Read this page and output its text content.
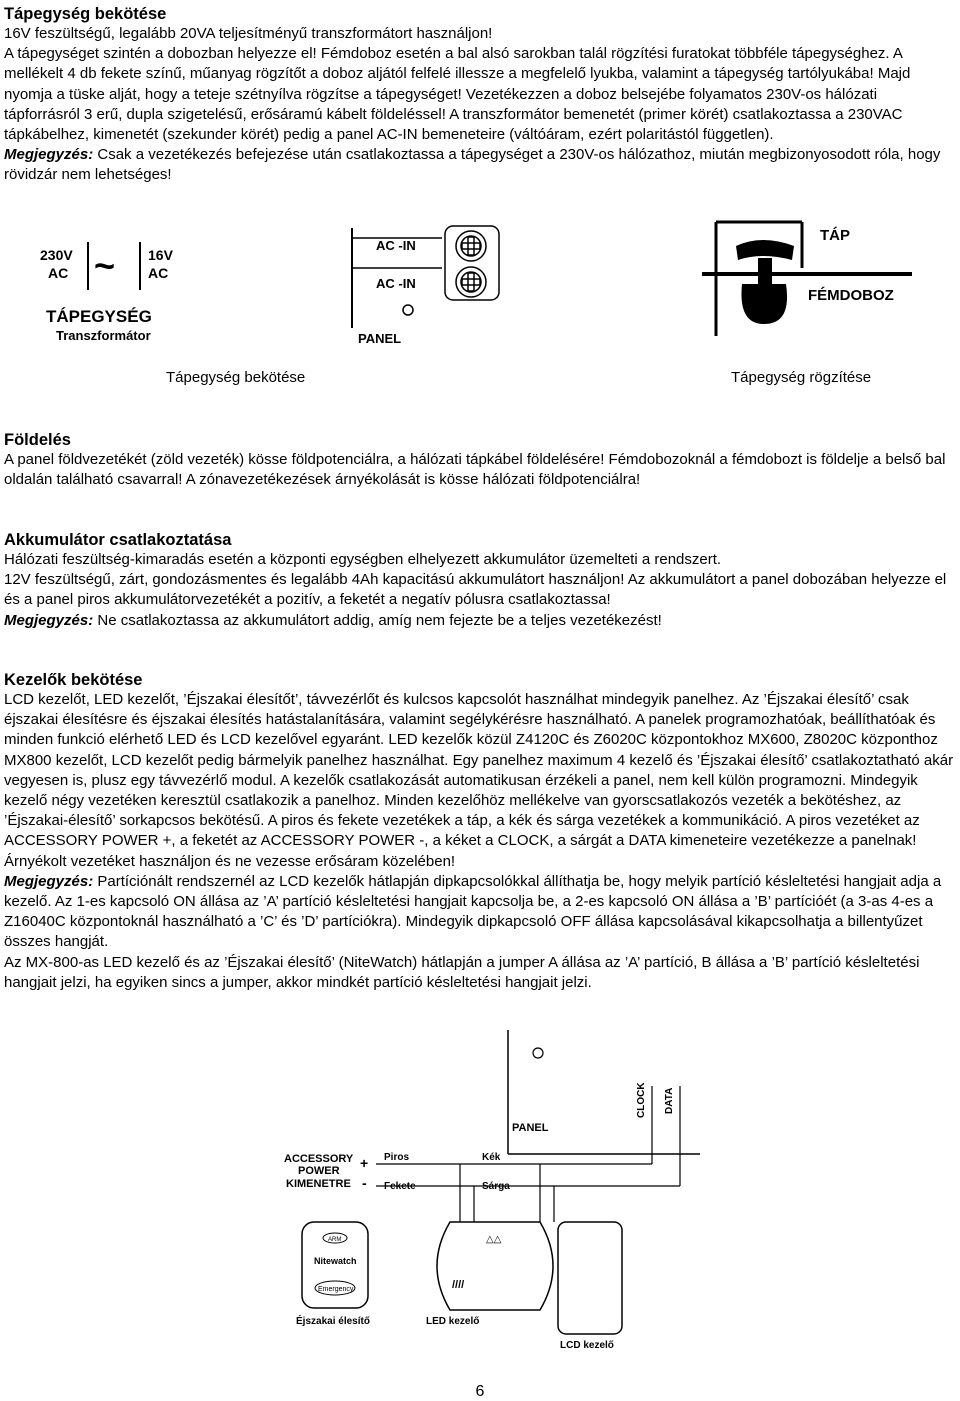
Tápegység bekötése

16V feszültségű, legalább 20VA teljesítményű transzformátort használjon!

A tápegységet szintén a dobozban helyezze el! Fémdoboz esetén a bal alsó sarokban talál rögzítési furatokat többféle tápegységhez. A mellékelt 4 db fekete színű, műanyag rögzítőt a doboz aljától felfelé illessze a megfelelő lyukba, valamint a tápegység tartólyukába! Majd nyomja a tüske alját, hogy a teteje szétnyílva rögzítse a tápegységet! Vezetékezzen a doboz belsejébe folyamatos 230V-os hálózati tápforrásról 3 erű, dupla szigetelésű, erősáramú kábelt földeléssel! A transzformátor bemenetét (primer körét) csatlakoztassa a 230VAC tápkábelhez, kimenetét (szekunder körét) pedig a panel AC-IN bemeneteire (váltóáram, ezért polaritástól független).

Megjegyzés: Csak a vezetékezés befejezése után csatlakoztassa a tápegységet a 230V-os hálózathoz, miután megbizonyosodott róla, hogy rövidzár nem lehetséges!

230V
AC ~ 16V
AC
TÁPEGYSÉG
Transzformátor
AC -IN
AC -IN
PANEL
Tápegység bekötése
TÁP
FÉMDOBOZ
Tápegység rögzítése
Földelés

A panel földvezetékét (zöld vezeték) kösse földpotenciálra, a hálózati tápkábel földelésére! Fémdobozoknál a fémdobozt is földelje a belső bal oldalán található csavarral! A zónavezetékezések árnyékolását is kösse hálózati földpotenciálra!

Akkumulátor csatlakoztatása

Hálózati feszültség-kimaradás esetén a központi egységben elhelyezett akkumulátor üzemelteti a rendszert.

12V feszültségű, zárt, gondozásmentes és legalább 4Ah kapacitású akkumulátort használjon! Az akkumulátort a panel dobozában helyezze el és a panel piros akkumulátorvezetékét a pozitív, a feketét a negatív pólusra csatlakoztassa!

Megjegyzés: Ne csatlakoztassa az akkumulátort addig, amíg nem fejezte be a teljes vezetékezést!

Kezelők bekötése

LCD kezelőt, LED kezelőt, ’Éjszakai élesítőt’, távvezérlőt és kulcsos kapcsolót használhat mindegyik panelhez. Az ’Éjszakai élesítő’ csak éjszakai élesítésre és éjszakai élesítés hatástalanítására, valamint segélykérésre használható. A panelek programozhatóak, beállíthatóak és minden funkció elérhető LED és LCD kezelővel egyaránt. LED kezelők közül Z4120C és Z6020C központokhoz MX600, Z8020C központhoz MX800 kezelőt, LCD kezelőt pedig bármelyik panelhez használhat. Egy panelhez maximum 4 kezelő és ’Éjszakai élesítő’ csatlakoztatható akár vegyesen is, plusz egy távvezérlő modul. A kezelők csatlakozását automatikusan érzékeli a panel, nem kell külön programozni. Mindegyik kezelő négy vezetéken keresztül csatlakozik a panelhoz. Minden kezelőhöz mellékelve van gyorscsatlakozós vezeték a bekötéshez, az ’Éjszakai-élesítő’ sorkapcsos bekötésű. A piros és fekete vezetékek a táp, a kék és sárga vezetékek a kommunikáció. A piros vezetéket az ACCESSORY POWER +, a feketét az ACCESSORY POWER -, a kéket a CLOCK, a sárgát a DATA kimeneteire vezetékezze a panelnak! Árnyékolt vezetéket használjon és ne vezesse erősáram közelében!

Megjegyzés: Partíciónált rendszernél az LCD kezelők hátlapján dipkapcsolókkal állíthatja be, hogy melyik partíció késleltetési hangjait adja a kezelő. Az 1-es kapcsoló ON állása az ’A’ partíció késleltetési hangjait kapcsolja be, a 2-es kapcsoló ON állása a ’B’ partícióét (a 3-as 4-es a Z16040C központoknál használható a ’C’ és ’D’ partíciókra). Mindegyik dipkapcsoló OFF állása kapcsolásával kikapcsolhatja a billentyűzet összes hangját.

Az MX-800-as LED kezelő és az ’Éjszakai élesítő’ (NiteWatch) hátlapján a jumper A állása az ’A’ partíció, B állása a ’B’ partíció késleltetési hangjait jelzi, ha egyiken sincs a jumper, akkor mindkét partíció késleltetési hangjait jelzi.

PANEL
CLOCK DATA
ACCESSORY
POWER
KIMENETRE
+
-
Piros
Fekete
Kék
Sárga
ARM
Nitewatch
Emergency
Éjszakai élesítő
△△
////
LED kezelő
LCD kezelő
6
